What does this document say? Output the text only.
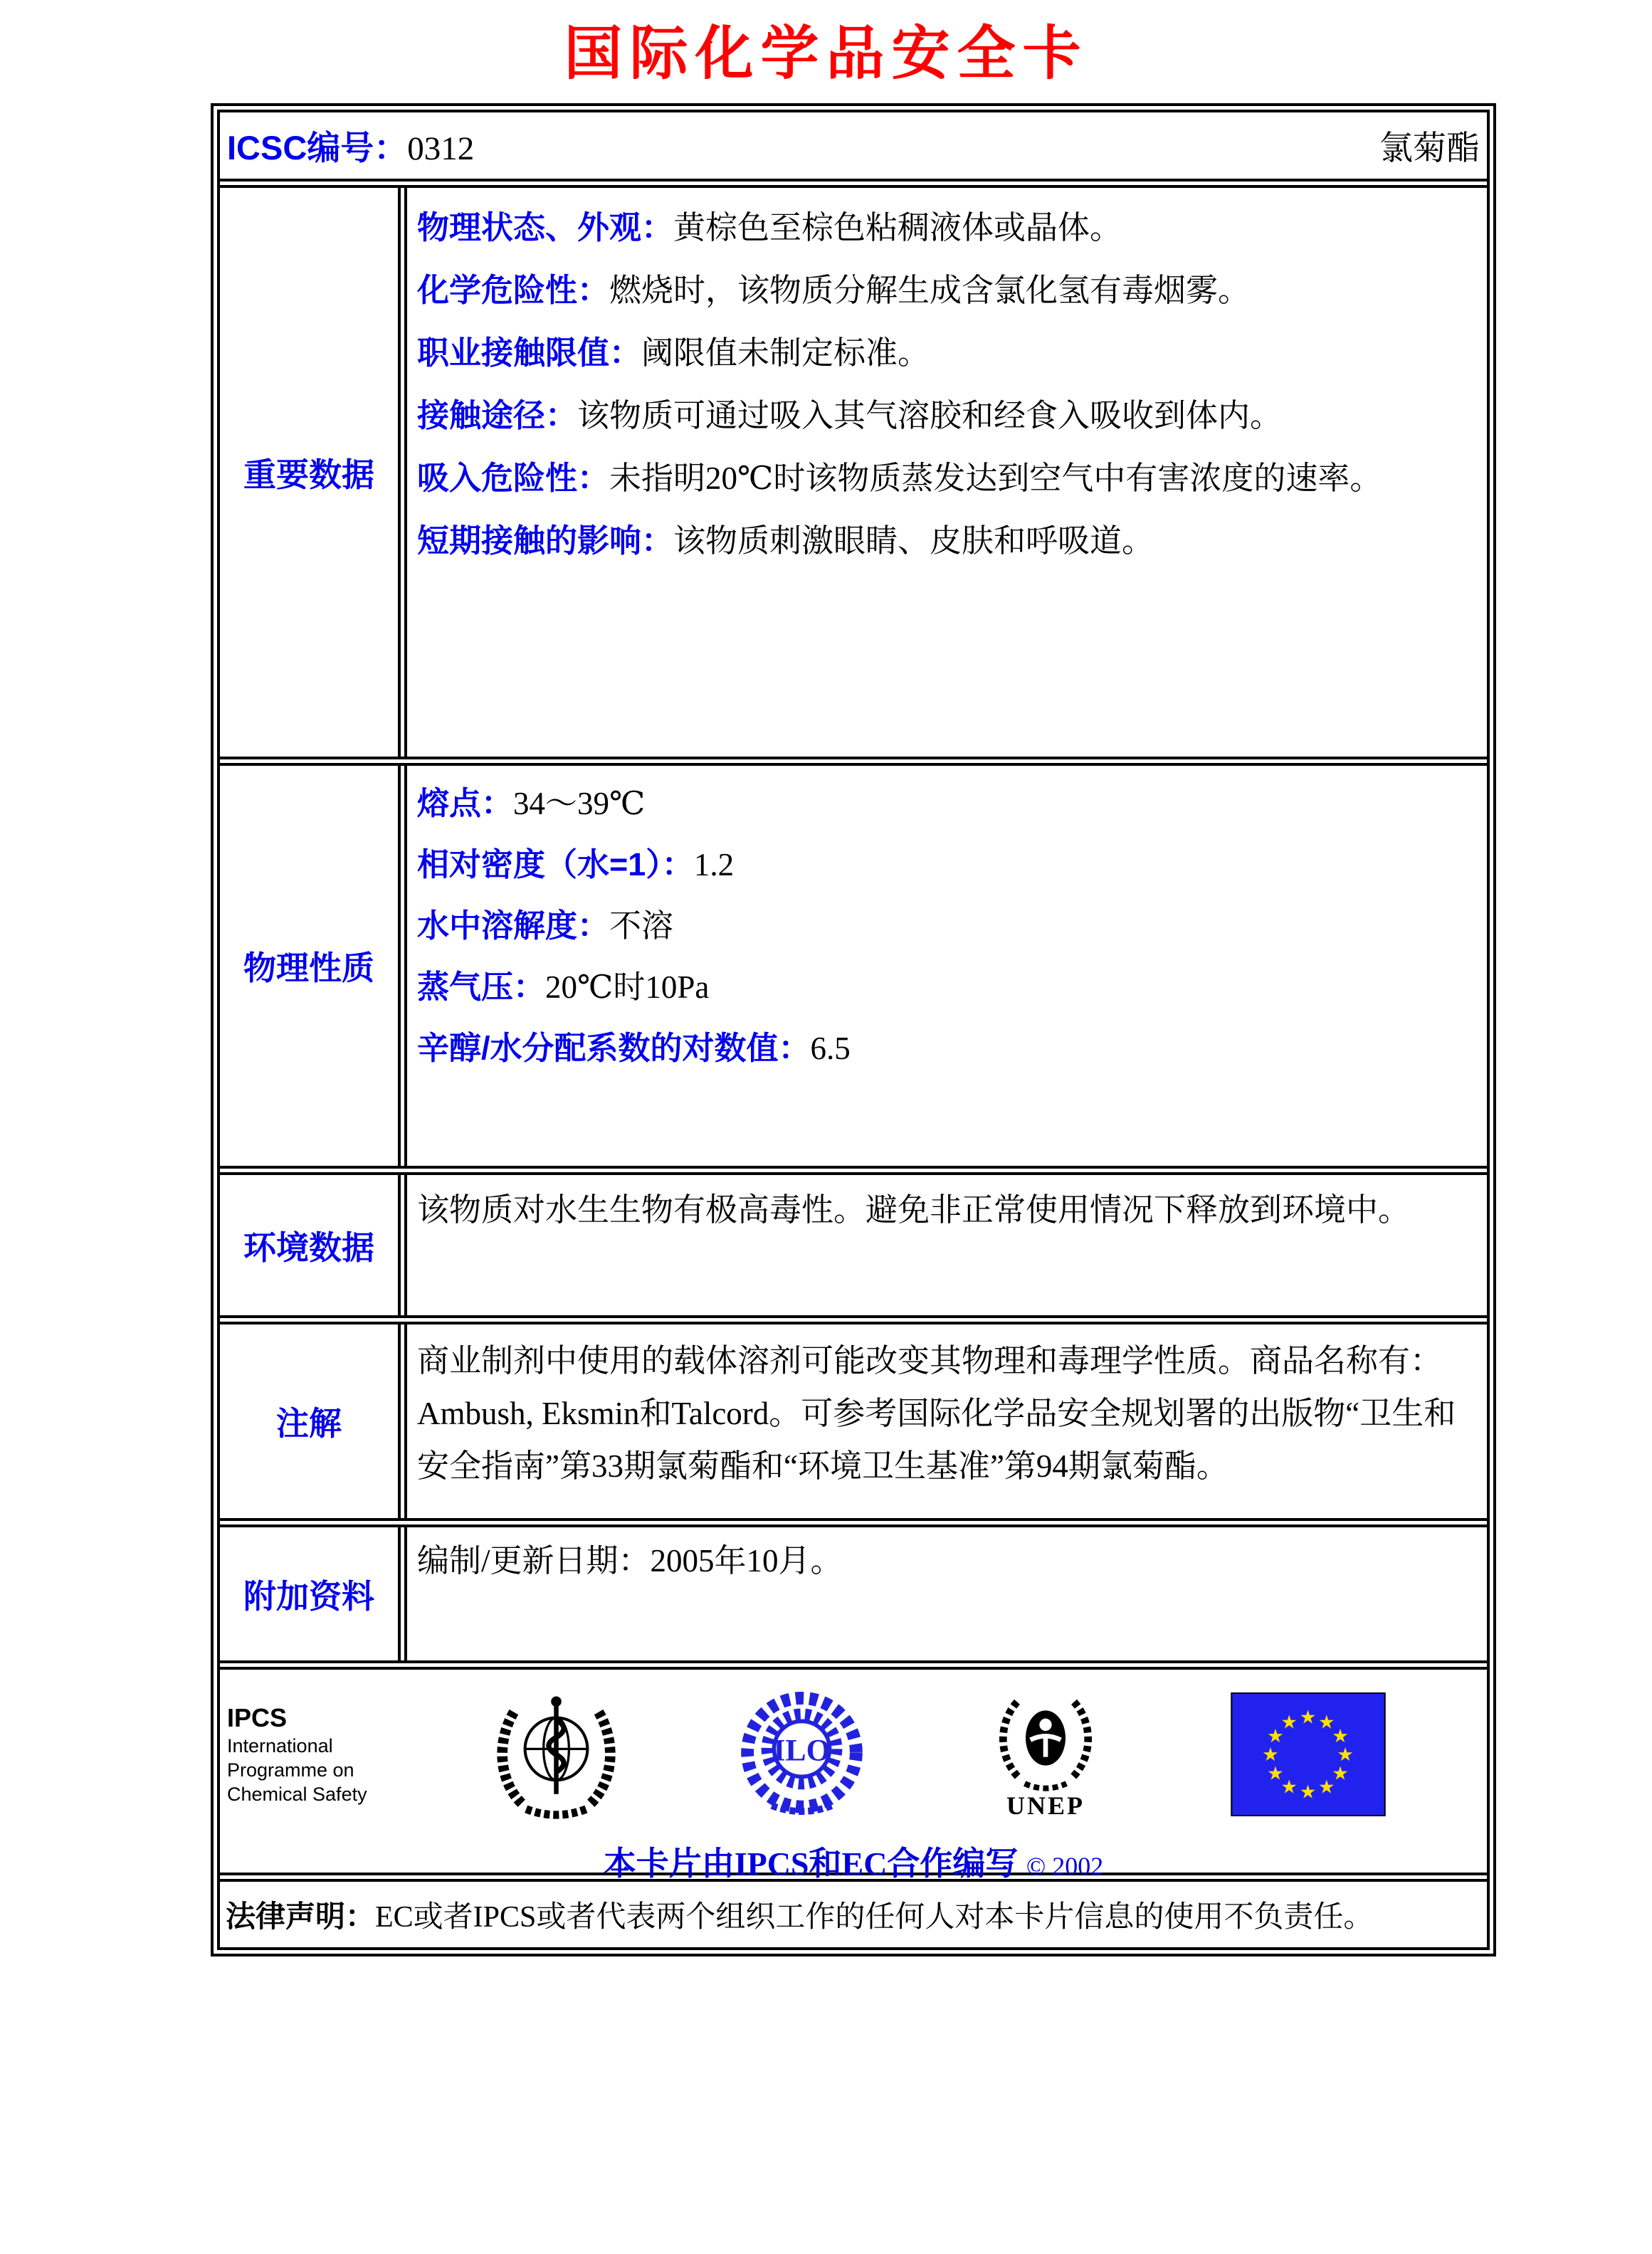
国际化学品安全卡
ICSC编号：0312	氯菊酯
重要数据
物理状态、外观：黄棕色至棕色粘稠液体或晶体。
化学危险性：燃烧时，该物质分解生成含氯化氢有毒烟雾。
职业接触限值：阈限值未制定标准。
接触途径：该物质可通过吸入其气溶胶和经食入吸收到体内。
吸入危险性：未指明20℃时该物质蒸发达到空气中有害浓度的速率。
短期接触的影响：该物质刺激眼睛、皮肤和呼吸道。
物理性质
熔点：34～39℃
相对密度（水=1）：1.2
水中溶解度：不溶
蒸气压：20℃时10Pa
辛醇/水分配系数的对数值：6.5
环境数据
该物质对水生生物有极高毒性。避免非正常使用情况下释放到环境中。
注解
商业制剂中使用的载体溶剂可能改变其物理和毒理学性质。商品名称有：Ambush, Eksmin和Talcord。可参考国际化学品安全规划署的出版物“卫生和安全指南”第33期氯菊酯和“环境卫生基准”第94期氯菊酯。
附加资料
编制/更新日期：2005年10月。
IPCS
International
Programme on
Chemical Safety
ILO
UNEP
★ ★
★
★
★
★
★
★
★
★
★
★
本卡片由IPCS和EC合作编写 © 2002
法律声明： EC或者IPCS或者代表两个组织工作的任何人对本卡片信息的使用不负责任。
